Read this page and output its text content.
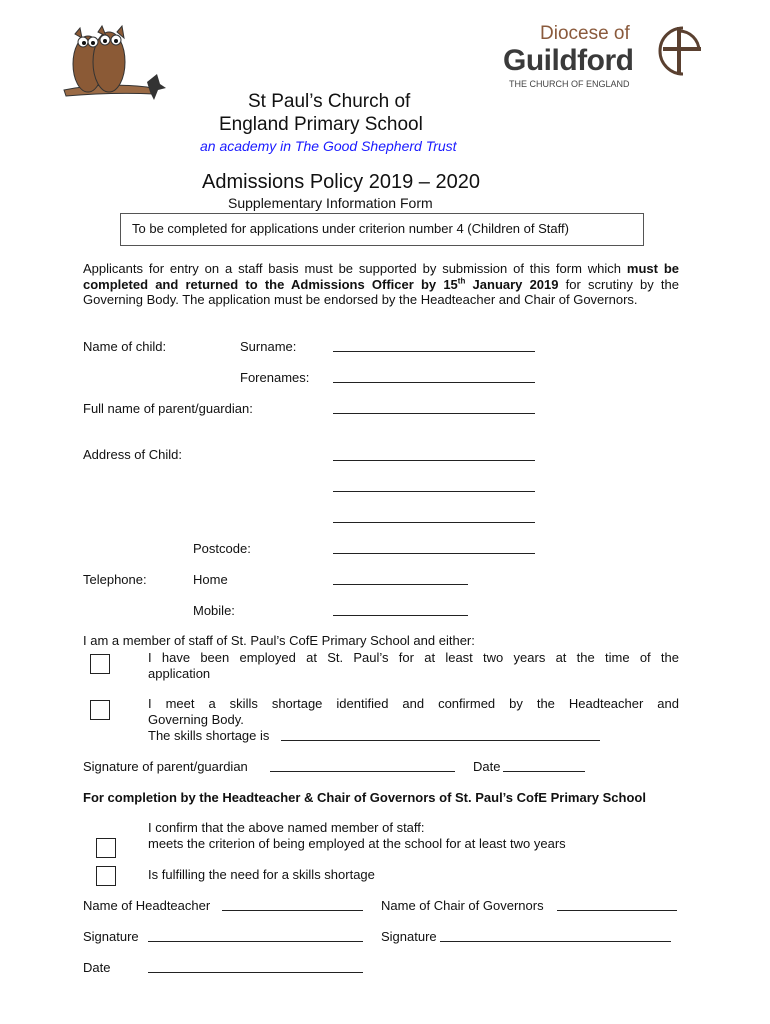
Diocese of
Guildford
THE CHURCH OF ENGLAND
St Paul’s Church of
England Primary School
an academy in The Good Shepherd Trust
Admissions Policy 2019 – 2020
Supplementary Information Form
To be completed for applications under criterion number 4 (Children of Staff)
Applicants for entry on a staff basis must be supported by submission of this form which must be completed and returned to the Admissions Officer by 15th January 2019 for scrutiny by the Governing Body. The application must be endorsed by the Headteacher and Chair of Governors.
Name of child:	Surname:
Forenames:
Full name of parent/guardian:
Address of Child:
Postcode:
Telephone:	Home
Mobile:
I am a member of staff of St. Paul’s CofE Primary School and either:
I have been employed at St. Paul’s for at least two years at the time of the
application
I meet a skills shortage identified and confirmed by the Headteacher and
Governing Body.
The skills shortage is
Signature of parent/guardian	Date
For completion by the Headteacher & Chair of Governors of St. Paul’s CofE Primary School
I confirm that the above named member of staff:
meets the criterion of being employed at the school for at least two years
Is fulfilling the need for a skills shortage
Name of Headteacher	Name of Chair of Governors
Signature	Signature
Date
